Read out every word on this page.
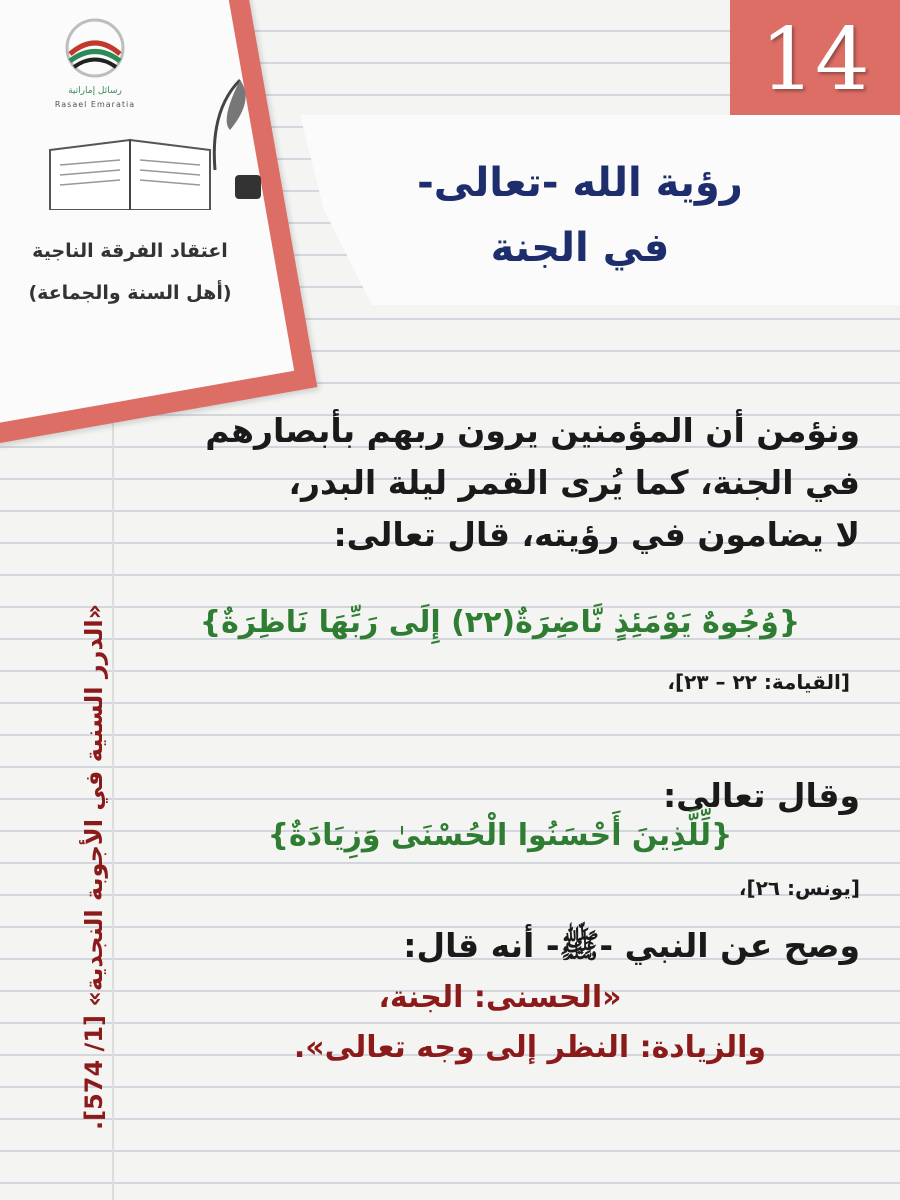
رسائل إماراتية
Rasael Emaratia
اعتقاد الفرقة الناجية
(أهل السنة والجماعة)
14
رؤية الله -تعالى-
في الجنة
ونؤمن أن المؤمنين يرون ربهم بأبصارهم
في الجنة، كما يُرى القمر ليلة البدر،
لا يضامون في رؤيته، قال تعالى:
{وُجُوهٌ يَوْمَئِذٍ نَّاضِرَةٌ(٢٢) إِلَى رَبِّهَا نَاظِرَةٌ}
[القيامة: ٢٢ – ٢٣]،
وقال تعالى:
{لِّلَّذِينَ أَحْسَنُوا الْحُسْنَىٰ وَزِيَادَةٌ}
[يونس: ٢٦]،
وصح عن النبي -ﷺ- أنه قال:
«الحسنى: الجنة،
والزيادة: النظر إلى وجه تعالى».
«الدرر السنية في الأجوبة النجدية» [1/ 574].
